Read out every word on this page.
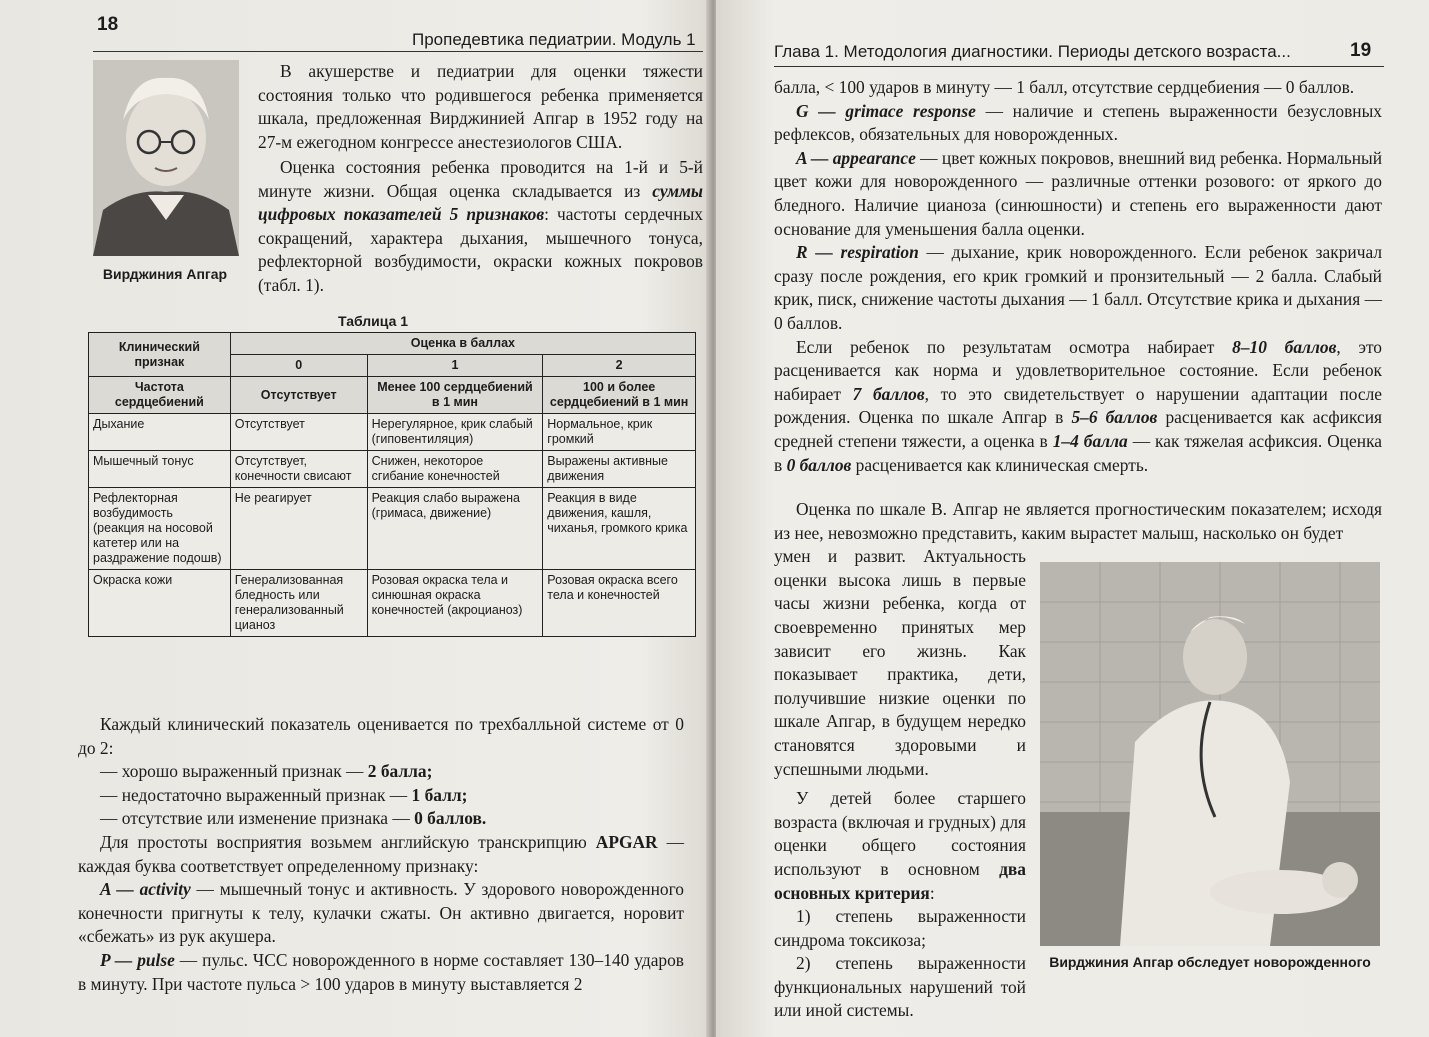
18
Пропедевтика педиатрии. Модуль 1
Вирджиния Апгар

В акушерстве и педиатрии для оценки тяжести состояния только что родившегося ребенка применяется шкала, предложенная Вирджинией Апгар в 1952 году на 27-м ежегодном конгрессе анестезиологов США.

Оценка состояния ребенка проводится на 1-й и 5-й минуте жизни. Общая оценка складывается из суммы цифровых показателей 5 признаков: частоты сердечных сокращений, характера дыхания, мышечного тонуса, рефлекторной возбудимости, окраски кожных покровов (табл. 1).

Таблица 1
Клинический признак	Оценка в баллах		
	0	1	2
Частота сердцебиений	Отсутствует	Менее 100 сердцебиений в 1 мин	100 и более сердцебиений в 1 мин
Дыхание	Отсутствует	Нерегулярное, крик слабый (гиповентиляция)	Нормальное, крик громкий
Мышечный тонус	Отсутствует, конечности свисают	Снижен, некоторое сгибание конечностей	Выражены активные движения
Рефлекторная возбудимость (реакция на носовой катетер или на раздражение подошв)	Не реагирует	Реакция слабо выражена (гримаса, движение)	Реакция в виде движения, кашля, чиханья, громкого крика
Окраска кожи	Генерализованная бледность или генерализованный цианоз	Розовая окраска тела и синюшная окраска конечностей (акроцианоз)	Розовая окраска всего тела и конечностей

Каждый клинический показатель оценивается по трехбалльной системе от 0 до 2:

— хорошо выраженный признак — 2 балла;

— недостаточно выраженный признак — 1 балл;

— отсутствие или изменение признака — 0 баллов.

Для простоты восприятия возьмем английскую транскрипцию APGAR — каждая буква соответствует определенному признаку:

A — activity — мышечный тонус и активность. У здорового новорожденного конечности пригнуты к телу, кулачки сжаты. Он активно двигается, норовит «сбежать» из рук акушера.

P — pulse — пульс. ЧСС новорожденного в норме составляет 130–140 ударов в минуту. При частоте пульса > 100 ударов в минуту выставляется 2

Глава 1. Методология диагностики. Периоды детского возраста...	19

балла, < 100 ударов в минуту — 1 балл, отсутствие сердцебиения — 0 баллов.

G — grimace response — наличие и степень выраженности безусловных рефлексов, обязательных для новорожденных.

A — appearance — цвет кожных покровов, внешний вид ребенка. Нормальный цвет кожи для новорожденного — различные оттенки розового: от яркого до бледного. Наличие цианоза (синюшности) и степень его выраженности дают основание для уменьшения балла оценки.

R — respiration — дыхание, крик новорожденного. Если ребенок закричал сразу после рождения, его крик громкий и пронзительный — 2 балла. Слабый крик, писк, снижение частоты дыхания — 1 балл. Отсутствие крика и дыхания — 0 баллов.

Если ребенок по результатам осмотра набирает 8–10 баллов, это расценивается как норма и удовлетворительное состояние. Если ребенок набирает 7 баллов, то это свидетельствует о нарушении адаптации после рождения. Оценка по шкале Апгар в 5–6 баллов расценивается как асфиксия средней степени тяжести, а оценка в 1–4 балла — как тяжелая асфиксия. Оценка в 0 баллов расценивается как клиническая смерть.

Оценка по шкале В. Апгар не является прогностическим показателем; исходя из нее, невозможно представить, каким вырастет малыш, насколько он будет

умен и развит. Актуальность оценки высока лишь в первые часы жизни ребенка, когда от своевременно принятых мер зависит его жизнь. Как показывает практика, дети, получившие низкие оценки по шкале Апгар, в будущем нередко становятся здоровыми и успешными людьми.

У детей более старшего возраста (включая и грудных) для оценки общего состояния используют в основном два основных критерия:

1) степень выраженности синдрома токсикоза;

2) степень выраженности функциональных нарушений той или иной системы.

Вирджиния Апгар обследует новорожденного
